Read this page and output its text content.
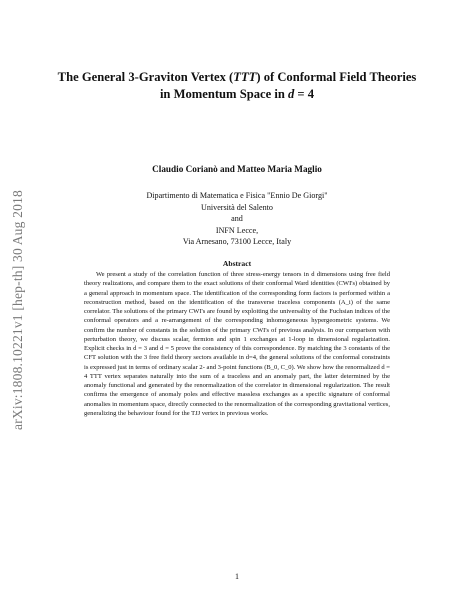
arXiv:1808.10221v1 [hep-th] 30 Aug 2018
The General 3-Graviton Vertex (TTT) of Conformal Field Theories
in Momentum Space in d = 4
Claudio Corianò and Matteo Maria Maglio
Dipartimento di Matematica e Fisica "Ennio De Giorgi"
Università del Salento
and
INFN Lecce,
Via Arnesano, 73100 Lecce, Italy
Abstract

We present a study of the correlation function of three stress-energy tensors in d dimensions using free field theory realizations, and compare them to the exact solutions of their conformal Ward identities (CWI's) obtained by a general approach in momentum space. The identification of the corresponding form factors is performed within a reconstruction method, based on the identification of the transverse traceless components (A_i) of the same correlator. The solutions of the primary CWI's are found by exploiting the universality of the Fuchsian indices of the conformal operators and a re-arrangement of the corresponding inhomogeneous hypergeometric systems. We confirm the number of constants in the solution of the primary CWI's of previous analysis. In our comparison with perturbation theory, we discuss scalar, fermion and spin 1 exchanges at 1-loop in dimensional regularization. Explicit checks in d = 3 and d = 5 prove the consistency of this correspondence. By matching the 3 constants of the CFT solution with the 3 free field theory sectors available in d=4, the general solutions of the conformal constraints is expressed just in terms of ordinary scalar 2- and 3-point functions (B_0, C_0). We show how the renormalized d = 4 TTT vertex separates naturally into the sum of a traceless and an anomaly part, the latter determined by the anomaly functional and generated by the renormalization of the correlator in dimensional regularization. The result confirms the emergence of anomaly poles and effective massless exchanges as a specific signature of conformal anomalies in momentum space, directly connected to the renormalization of the corresponding gravitational vertices, generalizing the behaviour found for the TJJ vertex in previous works.

1
